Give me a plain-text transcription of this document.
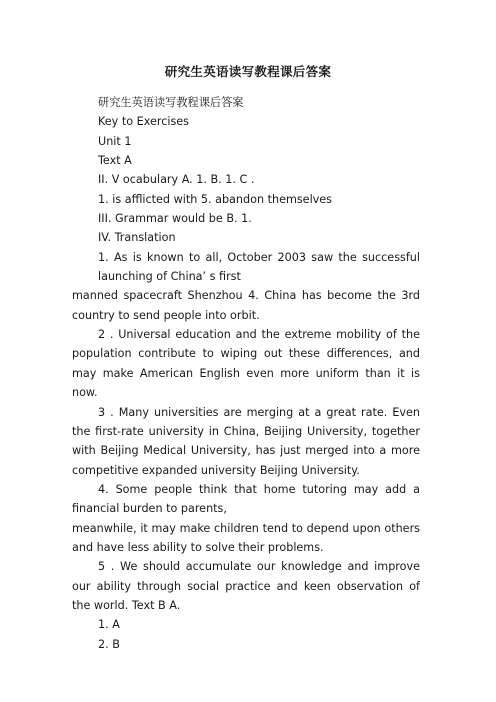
研究生英语读写教程课后答案
研究生英语读写教程课后答案
Key to Exercises
Unit 1
Text A
II. V ocabulary A. 1. B. 1. C .
1. is afflicted with 5. abandon themselves
III. Grammar would be B. 1.
IV. Translation
1. As is known to all, October 2003 saw the successful launching of China’ s first
manned spacecraft Shenzhou 4. China has become the 3rd country to send people into orbit.
2 . Universal education and the extreme mobility of the population contribute to wiping out these differences, and may make American English even more uniform than it is now.
3 . Many universities are merging at a great rate. Even the first-rate university in China, Beijing University, together with Beijing Medical University, has just merged into a more competitive expanded university Beijing University.
4. Some people think that home tutoring may add a financial burden to parents,
meanwhile, it may make children tend to depend upon others and have less ability to solve their problems.
5 . We should accumulate our knowledge and improve our ability through social practice and keen observation of the world. Text B A.
1. A
2. B
